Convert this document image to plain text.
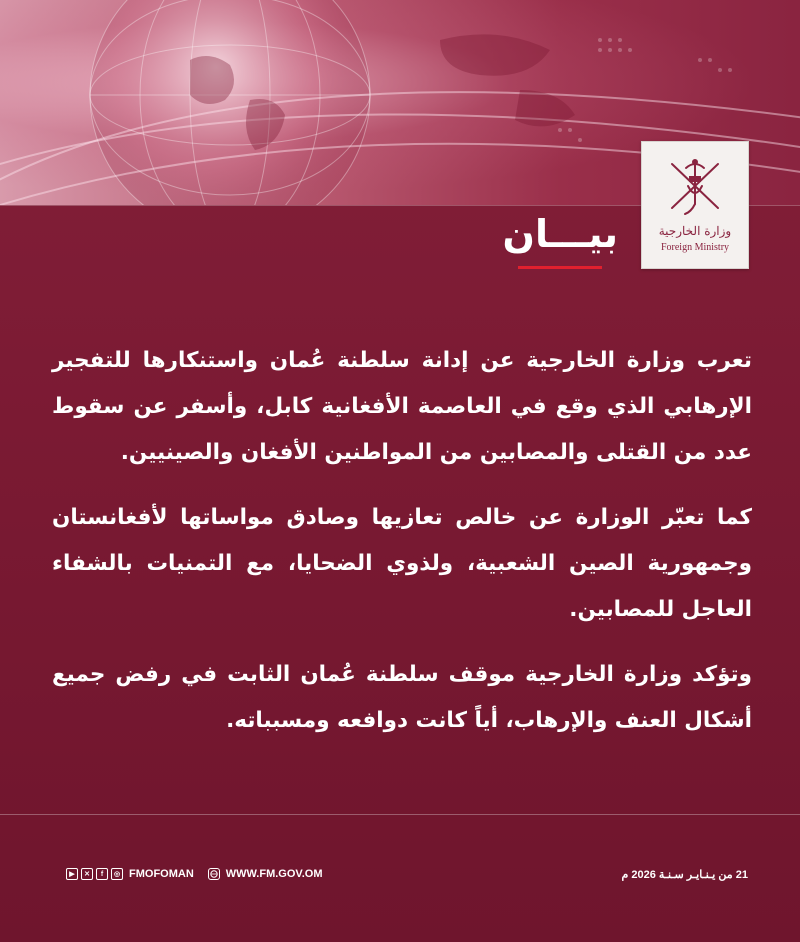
وزارة الخارجية
Foreign Ministry
بيـــان

تعرب وزارة الخارجية عن إدانة سلطنة عُمان واستنكارها للتفجير الإرهابي الذي وقع في العاصمة الأفغانية كابل، وأسفر عن سقوط عدد من القتلى والمصابين من المواطنين الأفغان والصينيين.

كما تعبّر الوزارة عن خالص تعازيها وصادق مواساتها لأفغانستان وجمهورية الصين الشعبية، ولذوي الضحايا، مع التمنيات بالشفاء العاجل للمصابين.

وتؤكد وزارة الخارجية موقف سلطنة عُمان الثابت في رفض جميع أشكال العنف والإرهاب، أياً كانت دوافعه ومسبباته.

▶	✕	f	◎ FMOFOMAN	WWW.FM.GOV.OM	21 من يـنـايـر سـنـة 2026 م
